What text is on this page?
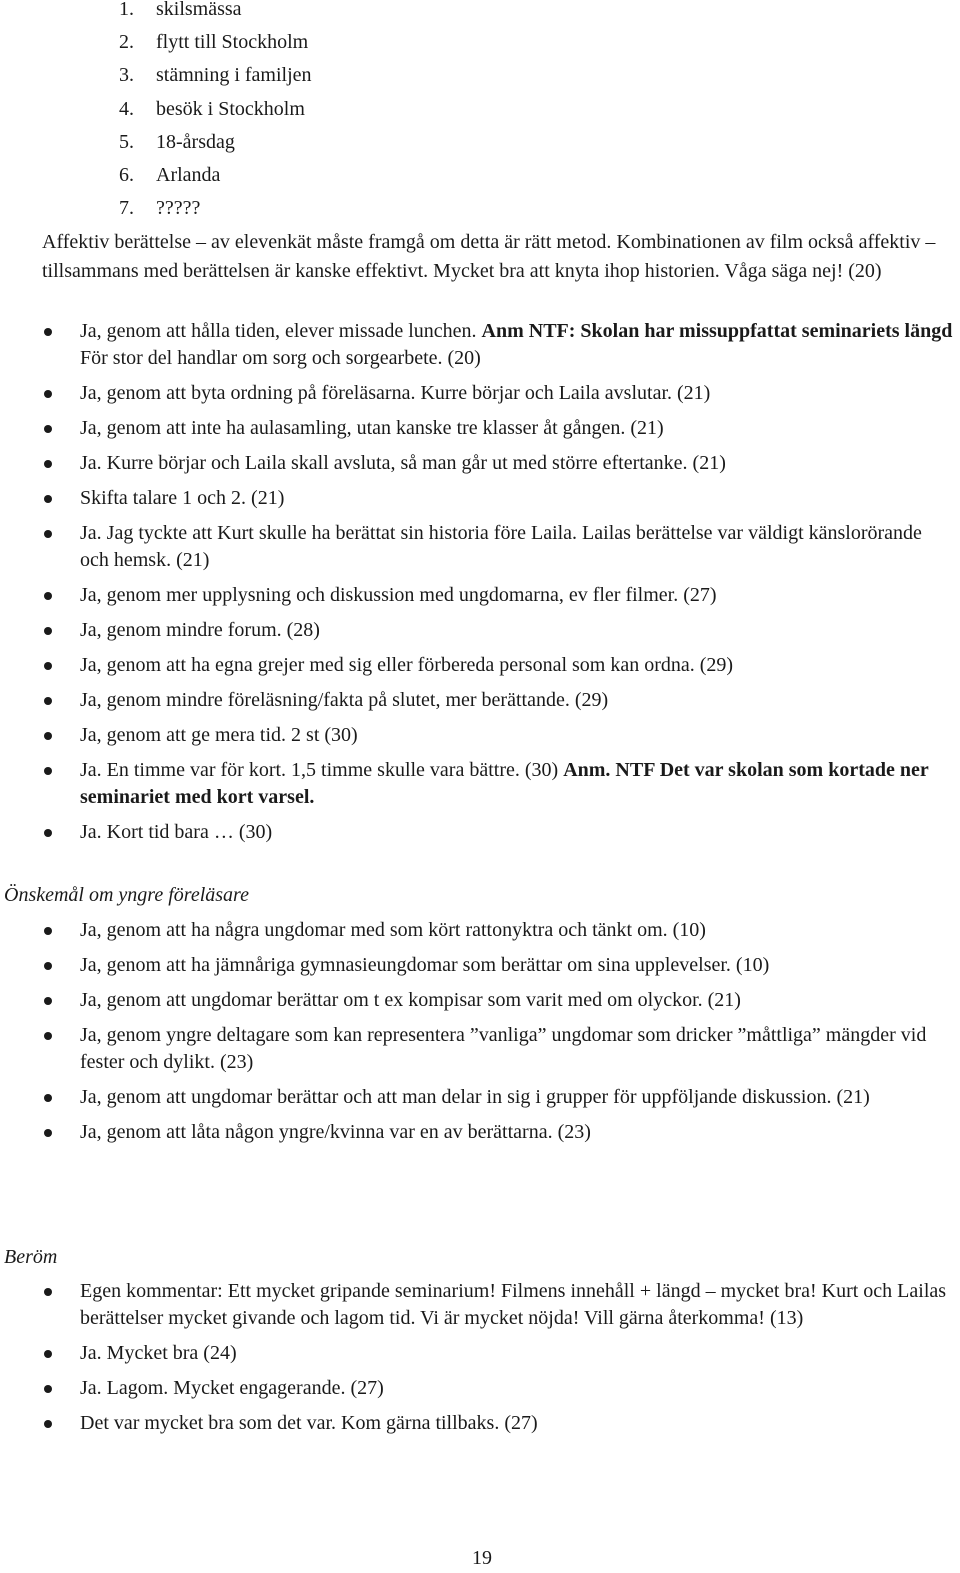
1. skilsmässa
2. flytt till Stockholm
3. stämning i familjen
4. besök i Stockholm
5. 18-årsdag
6. Arlanda
7. ?????

Affektiv berättelse – av elevenkät måste framgå om detta är rätt metod. Kombinationen av film också affektiv – tillsammans med berättelsen är kanske effektivt. Mycket bra att knyta ihop historien. Våga säga nej! (20)

Ja, genom att hålla tiden, elever missade lunchen. Anm NTF: Skolan har missuppfattat seminariets längd För stor del handlar om sorg och sorgearbete. (20)
Ja, genom att byta ordning på föreläsarna. Kurre börjar och Laila avslutar. (21)
Ja, genom att inte ha aulasamling, utan kanske tre klasser åt gången. (21)
Ja. Kurre börjar och Laila skall avsluta, så man går ut med större eftertanke. (21)
Skifta talare 1 och 2. (21)
Ja. Jag tyckte att Kurt skulle ha berättat sin historia före Laila. Lailas berättelse var väldigt känslorörande och hemsk. (21)
Ja, genom mer upplysning och diskussion med ungdomarna, ev fler filmer. (27)
Ja, genom mindre forum. (28)
Ja, genom att ha egna grejer med sig eller förbereda personal som kan ordna. (29)
Ja, genom mindre föreläsning/fakta på slutet, mer berättande. (29)
Ja, genom att ge mera tid. 2 st (30)
Ja. En timme var för kort. 1,5 timme skulle vara bättre. (30) Anm. NTF Det var skolan som kortade ner seminariet med kort varsel.
Ja. Kort tid bara … (30)
Önskemål om yngre föreläsare
Ja, genom att ha några ungdomar med som kört rattonyktra och tänkt om. (10)
Ja, genom att ha jämnåriga gymnasieungdomar som berättar om sina upplevelser. (10)
Ja, genom att ungdomar berättar om t ex kompisar som varit med om olyckor. (21)
Ja, genom yngre deltagare som kan representera ”vanliga” ungdomar som dricker ”måttliga” mängder vid fester och dylikt. (23)
Ja, genom att ungdomar berättar och att man delar in sig i grupper för uppföljande diskussion. (21)
Ja, genom att låta någon yngre/kvinna var en av berättarna. (23)
Beröm
Egen kommentar: Ett mycket gripande seminarium! Filmens innehåll + längd – mycket bra! Kurt och Lailas berättelser mycket givande och lagom tid. Vi är mycket nöjda! Vill gärna återkomma! (13)
Ja. Mycket bra (24)
Ja. Lagom. Mycket engagerande. (27)
Det var mycket bra som det var. Kom gärna tillbaks. (27)

19
